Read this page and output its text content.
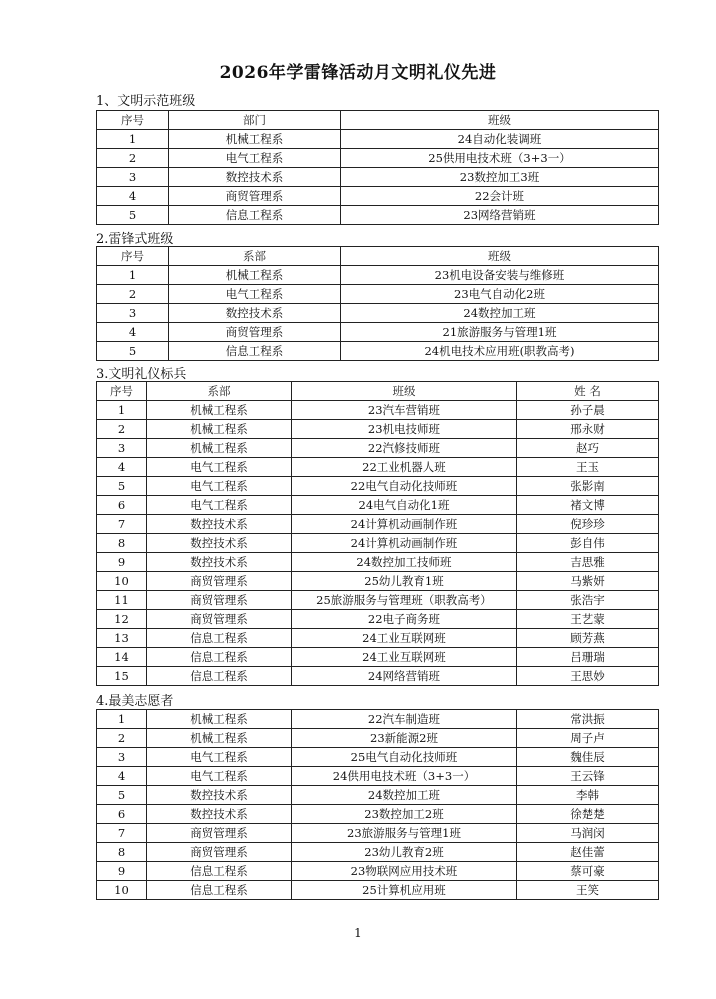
2026年学雷锋活动月文明礼仪先进
1、文明示范班级
序号	部门	班级
1	机械工程系	24自动化装调班
2	电气工程系	25供用电技术班（3+3一）
3	数控技术系	23数控加工3班
4	商贸管理系	22会计班
5	信息工程系	23网络营销班
2.雷锋式班级
序号	系部	班级
1	机械工程系	23机电设备安装与维修班
2	电气工程系	23电气自动化2班
3	数控技术系	24数控加工班
4	商贸管理系	21旅游服务与管理1班
5	信息工程系	24机电技术应用班(职教高考)
3.文明礼仪标兵
序号	系部	班级	姓 名
1	机械工程系	23汽车营销班	孙子晨
2	机械工程系	23机电技师班	邢永财
3	机械工程系	22汽修技师班	赵巧
4	电气工程系	22工业机器人班	王玉
5	电气工程系	22电气自动化技师班	张影南
6	电气工程系	24电气自动化1班	褚文博
7	数控技术系	24计算机动画制作班	倪珍珍
8	数控技术系	24计算机动画制作班	彭自伟
9	数控技术系	24数控加工技师班	吉思雅
10	商贸管理系	25幼儿教育1班	马紫妍
11	商贸管理系	25旅游服务与管理班（职教高考）	张浩宇
12	商贸管理系	22电子商务班	王艺蒙
13	信息工程系	24工业互联网班	顾芳燕
14	信息工程系	24工业互联网班	吕珊瑞
15	信息工程系	24网络营销班	王思妙
4.最美志愿者
1	机械工程系	22汽车制造班	常洪振
2	机械工程系	23新能源2班	周子卢
3	电气工程系	25电气自动化技师班	魏佳辰
4	电气工程系	24供用电技术班（3+3一）	王云锋
5	数控技术系	24数控加工班	李韩
6	数控技术系	23数控加工2班	徐楚楚
7	商贸管理系	23旅游服务与管理1班	马润闵
8	商贸管理系	23幼儿教育2班	赵佳蕾
9	信息工程系	23物联网应用技术班	蔡可豪
10	信息工程系	25计算机应用班	王笑
1
